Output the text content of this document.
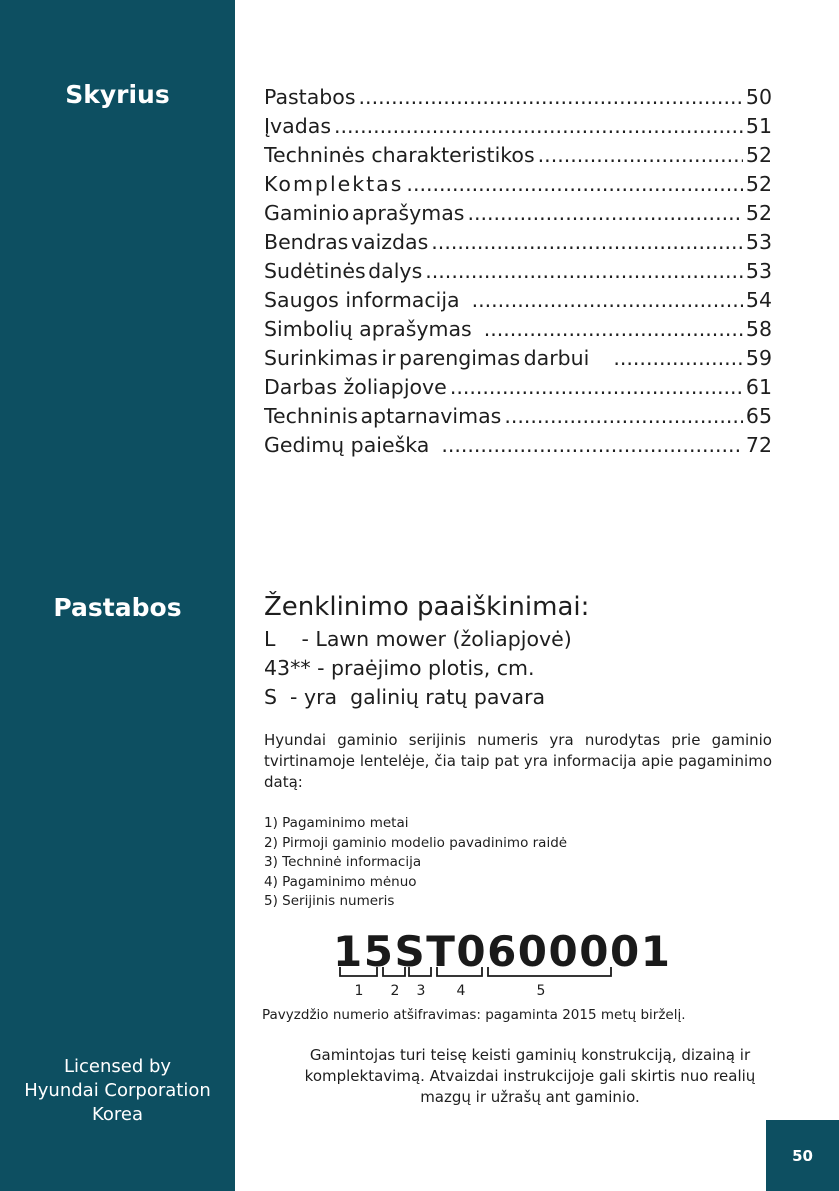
Skyrius
Pastabos
Licensed by
Hyundai Corporation
Korea
Pastabos .....	50
Įvadas .....	51
Techninės charakteristikos .....	52
Komplektas .....	52
Gaminio aprašymas .....	52
Bendras vaizdas .....	53
Sudėtinės dalys .....	53
Saugos informacija .....	54
Simbolių aprašymas .....	58
Surinkimas ir parengimas darbui .....	59
Darbas žoliapjove .....	61
Techninis aptarnavimas .....	65
Gedimų paieška .....	72
Ženklinimo paaiškinimai:
L    - Lawn mower (žoliapjovė)
43** - praėjimo plotis, cm.
S  - yra  galinių ratų pavara

Hyundai gaminio serijinis numeris yra nurodytas prie gaminio tvirtinamoje lentelėje, čia taip pat yra informacija apie pagaminimo datą:

1) Pagaminimo metai
2) Pirmoji gaminio modelio pavadinimo raidė
3) Techninė informacija
4) Pagaminimo mėnuo
5) Serijinis numeris
15ST0600001
1	2	3	4	5
Pavyzdžio numerio atšifravimas: pagaminta 2015 metų birželį.

Gamintojas turi teisę keisti gaminių konstrukciją, dizainą ir komplektavimą. Atvaizdai instrukcijoje gali skirtis nuo realių mazgų ir užrašų ant gaminio.

50
